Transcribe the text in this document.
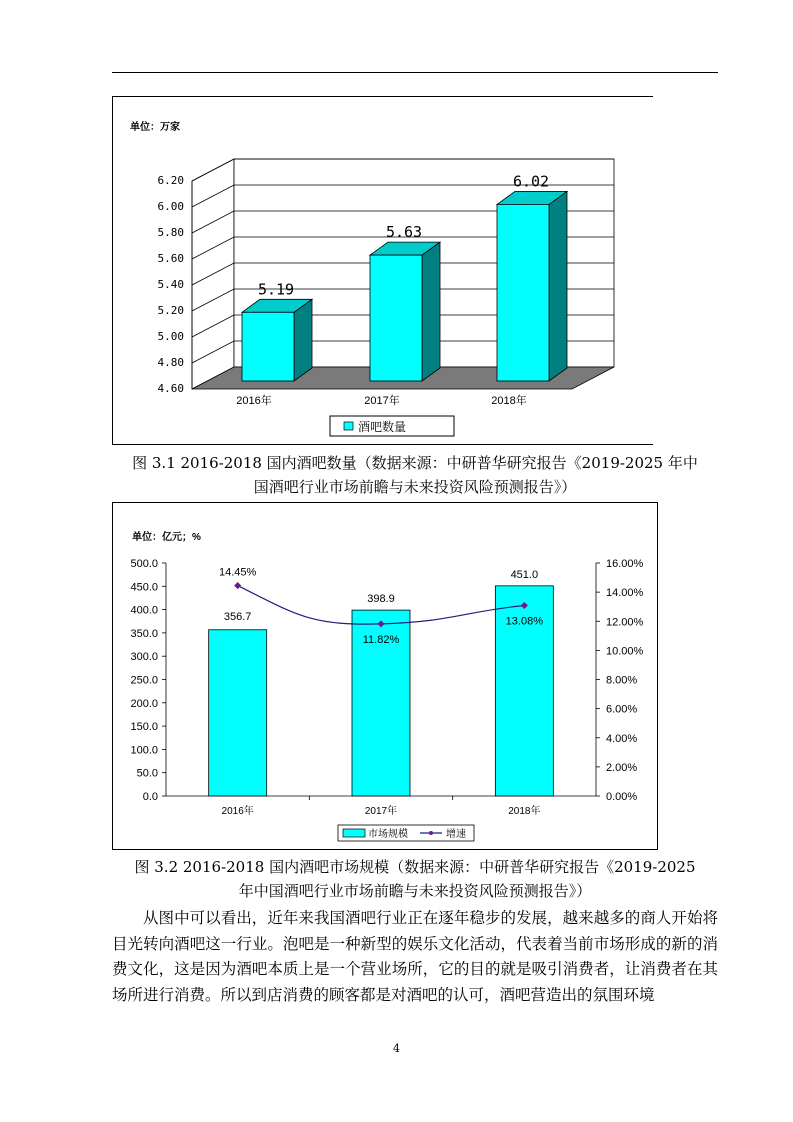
单位：万家
酒吧数量
4.60
4.80
5.00
5.20
5.40
5.60
5.80
6.00
6.20
5.19
2016年
5.63
2017年
6.02
2018年
图 3.1 2016-2018 国内酒吧数量（数据来源：中研普华研究报告《2019-2025 年中
国酒吧行业市场前瞻与未来投资风险预测报告》）
单位：亿元；%
市场规模	增速
0.0
50.0
100.0
150.0
200.0
250.0
300.0
350.0
400.0
450.0
500.0
0.00%
2.00%
4.00%
6.00%
8.00%
10.00%
12.00%
14.00%
16.00%
356.7
2016年
398.9
2017年
451.0
2018年
14.45%
11.82%
13.08%
图 3.2 2016-2018 国内酒吧市场规模（数据来源：中研普华研究报告《2019-2025
年中国酒吧行业市场前瞻与未来投资风险预测报告》）

从图中可以看出，近年来我国酒吧行业正在逐年稳步的发展，越来越多的商人开始将目光转向酒吧这一行业。泡吧是一种新型的娱乐文化活动，代表着当前市场形成的新的消费文化，这是因为酒吧本质上是一个营业场所，它的目的就是吸引消费者，让消费者在其场所进行消费。所以到店消费的顾客都是对酒吧的认可，酒吧营造出的氛围环境

4
